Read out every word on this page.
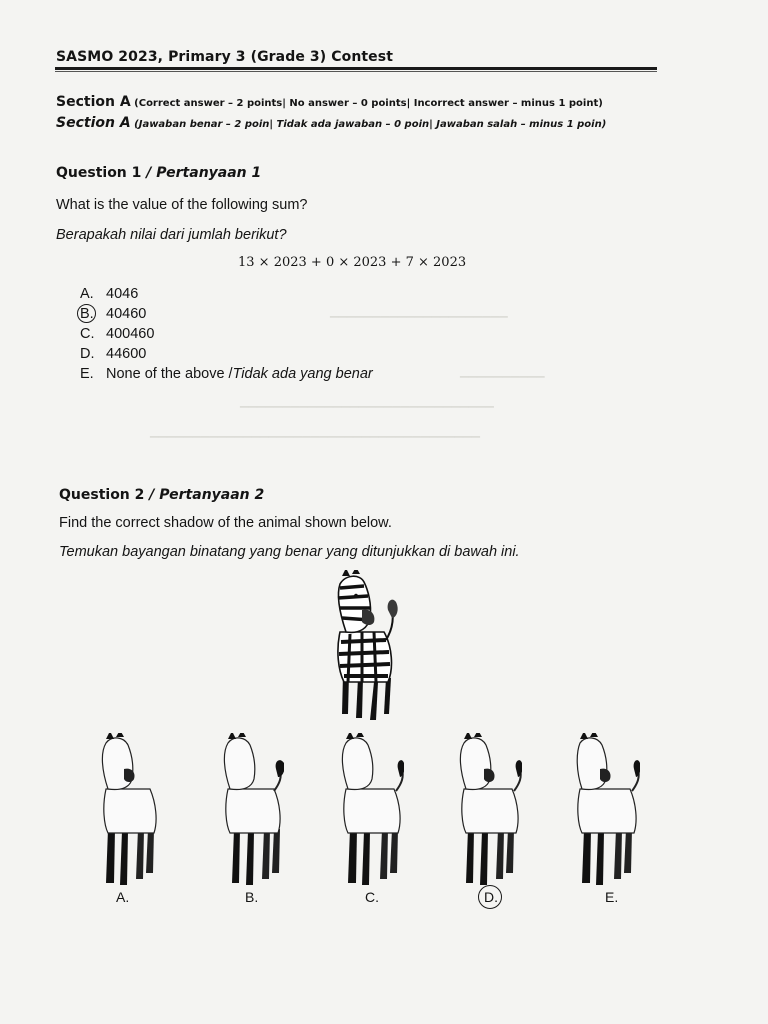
▁▁▁▁▁▁▁▁▁▁▁▁▁▁▁▁▁▁▁▁▁
▁▁▁▁▁▁▁▁▁▁
▁▁▁▁▁▁▁▁▁▁▁▁▁▁▁▁▁▁▁▁▁▁▁▁▁▁▁▁▁▁
▁▁▁▁▁▁▁▁▁▁▁▁▁▁▁▁▁▁▁▁▁▁▁▁▁▁▁▁▁▁▁▁▁▁▁▁▁▁▁
SASMO 2023, Primary 3 (Grade 3) Contest
Section A (Correct answer – 2 points| No answer – 0 points| Incorrect answer – minus 1 point)
Section A (Jawaban benar – 2 poin| Tidak ada jawaban – 0 poin| Jawaban salah – minus 1 poin)
Question 1 / Pertanyaan 1
What is the value of the following sum?
Berapakah nilai dari jumlah berikut?
13 × 2023 + 0 × 2023 + 7 × 2023
A. 4046
B. 40460
C. 400460
D. 44600
E. None of the above / Tidak ada yang benar
Question 2 / Pertanyaan 2
Find the correct shadow of the animal shown below.
Temukan bayangan binatang yang benar yang ditunjukkan di bawah ini.
A.	B.	C.	D.	E.
